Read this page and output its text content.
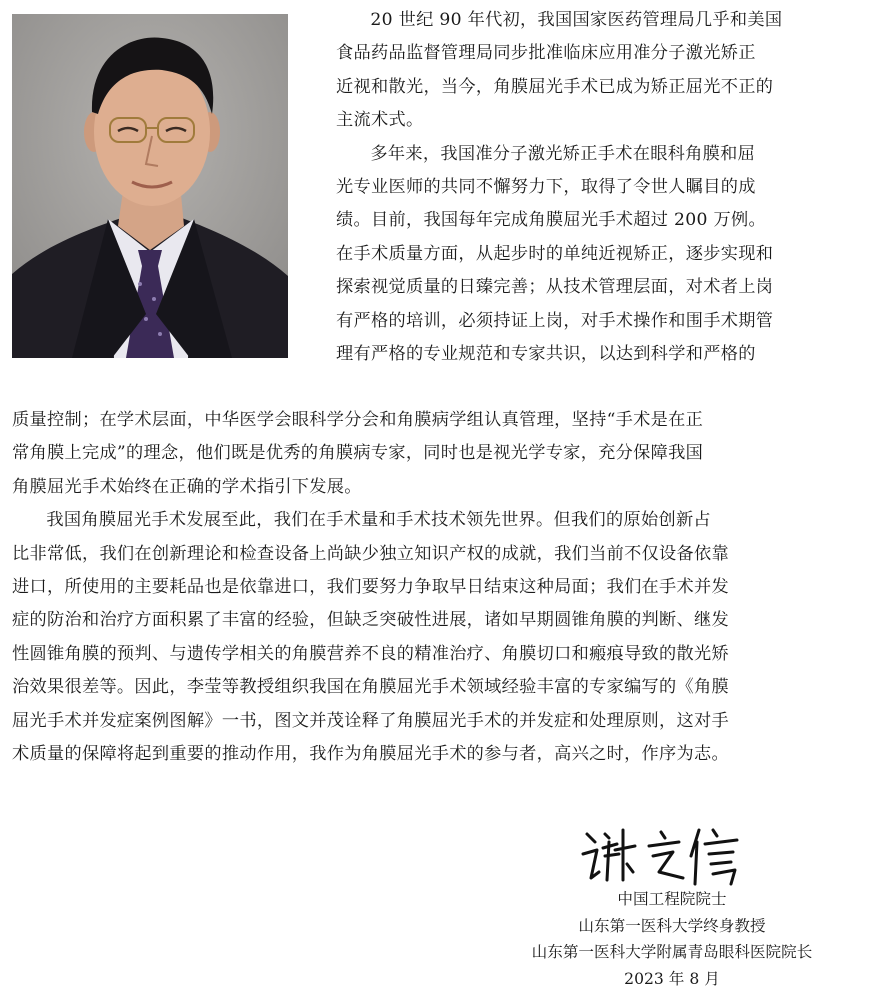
20 世纪 90 年代初，我国国家医药管理局几乎和美国
食品药品监督管理局同步批准临床应用准分子激光矫正
近视和散光，当今，角膜屈光手术已成为矫正屈光不正的
主流术式。

多年来，我国准分子激光矫正手术在眼科角膜和屈
光专业医师的共同不懈努力下，取得了令世人瞩目的成
绩。目前，我国每年完成角膜屈光手术超过 200 万例。
在手术质量方面，从起步时的单纯近视矫正，逐步实现和
探索视觉质量的日臻完善；从技术管理层面，对术者上岗
有严格的培训，必须持证上岗，对手术操作和围手术期管
理有严格的专业规范和专家共识，以达到科学和严格的

质量控制；在学术层面，中华医学会眼科学分会和角膜病学组认真管理，坚持“手术是在正
常角膜上完成”的理念，他们既是优秀的角膜病专家，同时也是视光学专家，充分保障我国
角膜屈光手术始终在正确的学术指引下发展。

我国角膜屈光手术发展至此，我们在手术量和手术技术领先世界。但我们的原始创新占
比非常低，我们在创新理论和检查设备上尚缺少独立知识产权的成就，我们当前不仅设备依靠
进口，所使用的主要耗品也是依靠进口，我们要努力争取早日结束这种局面；我们在手术并发
症的防治和治疗方面积累了丰富的经验，但缺乏突破性进展，诸如早期圆锥角膜的判断、继发
性圆锥角膜的预判、与遗传学相关的角膜营养不良的精准治疗、角膜切口和瘢痕导致的散光矫
治效果很差等。因此，李莹等教授组织我国在角膜屈光手术领域经验丰富的专家编写的《角膜
屈光手术并发症案例图解》一书，图文并茂诠释了角膜屈光手术的并发症和处理原则，这对手
术质量的保障将起到重要的推动作用，我作为角膜屈光手术的参与者，高兴之时，作序为志。

中国工程院院士
山东第一医科大学终身教授
山东第一医科大学附属青岛眼科医院院长
2023 年 8 月
